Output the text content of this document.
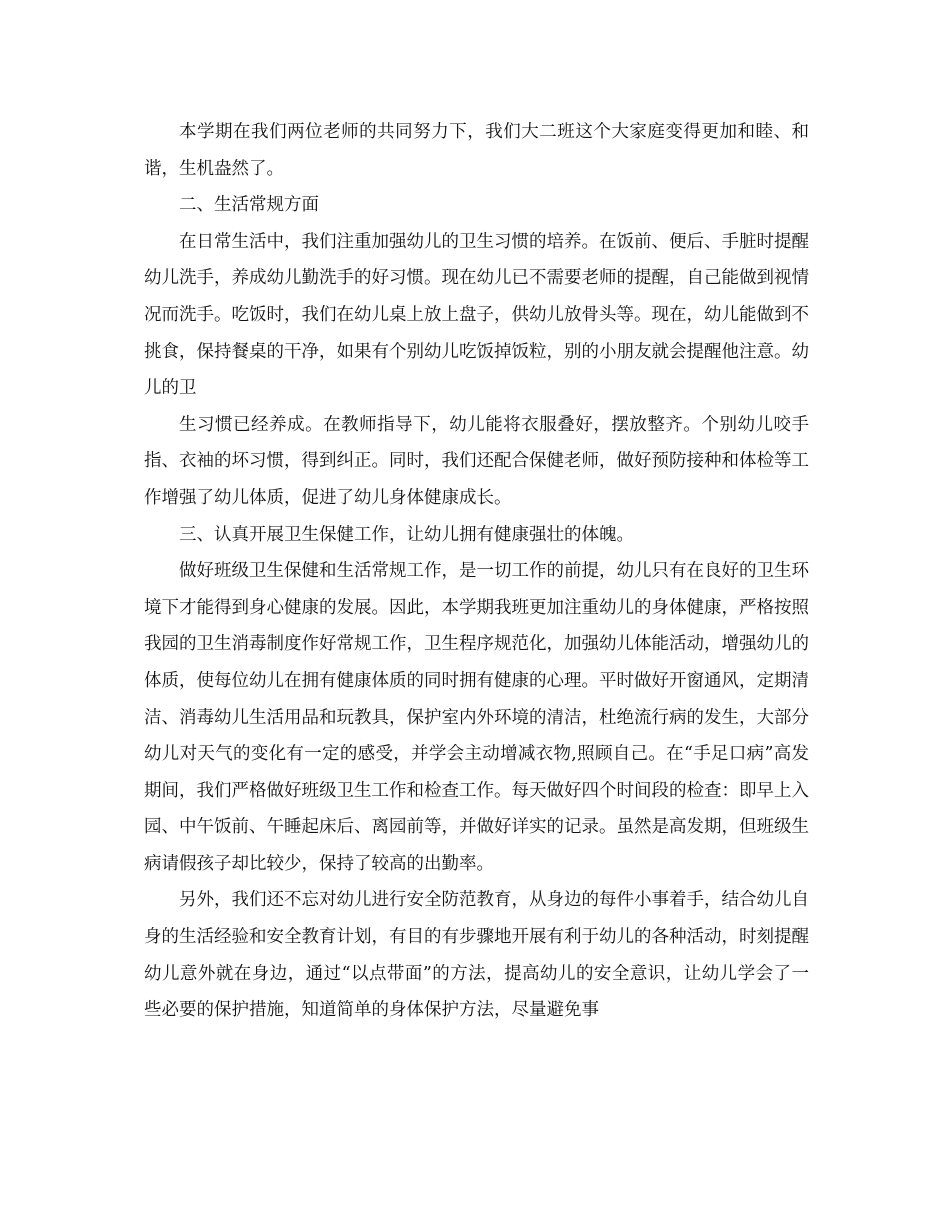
本学期在我们两位老师的共同努力下，我们大二班这个大家庭变得更加和睦、和谐，生机盎然了。

二、生活常规方面

在日常生活中，我们注重加强幼儿的卫生习惯的培养。在饭前、便后、手脏时提醒幼儿洗手，养成幼儿勤洗手的好习惯。现在幼儿已不需要老师的提醒，自己能做到视情况而洗手。吃饭时，我们在幼儿桌上放上盘子，供幼儿放骨头等。现在，幼儿能做到不挑食，保持餐桌的干净，如果有个别幼儿吃饭掉饭粒，别的小朋友就会提醒他注意。幼儿的卫

生习惯已经养成。在教师指导下，幼儿能将衣服叠好，摆放整齐。个别幼儿咬手指、衣袖的坏习惯，得到纠正。同时，我们还配合保健老师，做好预防接种和体检等工作增强了幼儿体质，促进了幼儿身体健康成长。

三、认真开展卫生保健工作，让幼儿拥有健康强壮的体魄。

做好班级卫生保健和生活常规工作，是一切工作的前提，幼儿只有在良好的卫生环境下才能得到身心健康的发展。因此，本学期我班更加注重幼儿的身体健康，严格按照我园的卫生消毒制度作好常规工作，卫生程序规范化，加强幼儿体能活动，增强幼儿的体质，使每位幼儿在拥有健康体质的同时拥有健康的心理。平时做好开窗通风，定期清洁、消毒幼儿生活用品和玩教具，保护室内外环境的清洁，杜绝流行病的发生，大部分幼儿对天气的变化有一定的感受，并学会主动增减衣物,照顾自己。在“手足口病”高发期间，我们严格做好班级卫生工作和检查工作。每天做好四个时间段的检查：即早上入园、中午饭前、午睡起床后、离园前等，并做好详实的记录。虽然是高发期，但班级生病请假孩子却比较少，保持了较高的出勤率。

另外，我们还不忘对幼儿进行安全防范教育，从身边的每件小事着手，结合幼儿自身的生活经验和安全教育计划，有目的有步骤地开展有利于幼儿的各种活动，时刻提醒幼儿意外就在身边，通过“以点带面”的方法，提高幼儿的安全意识，让幼儿学会了一些必要的保护措施，知道简单的身体保护方法，尽量避免事
